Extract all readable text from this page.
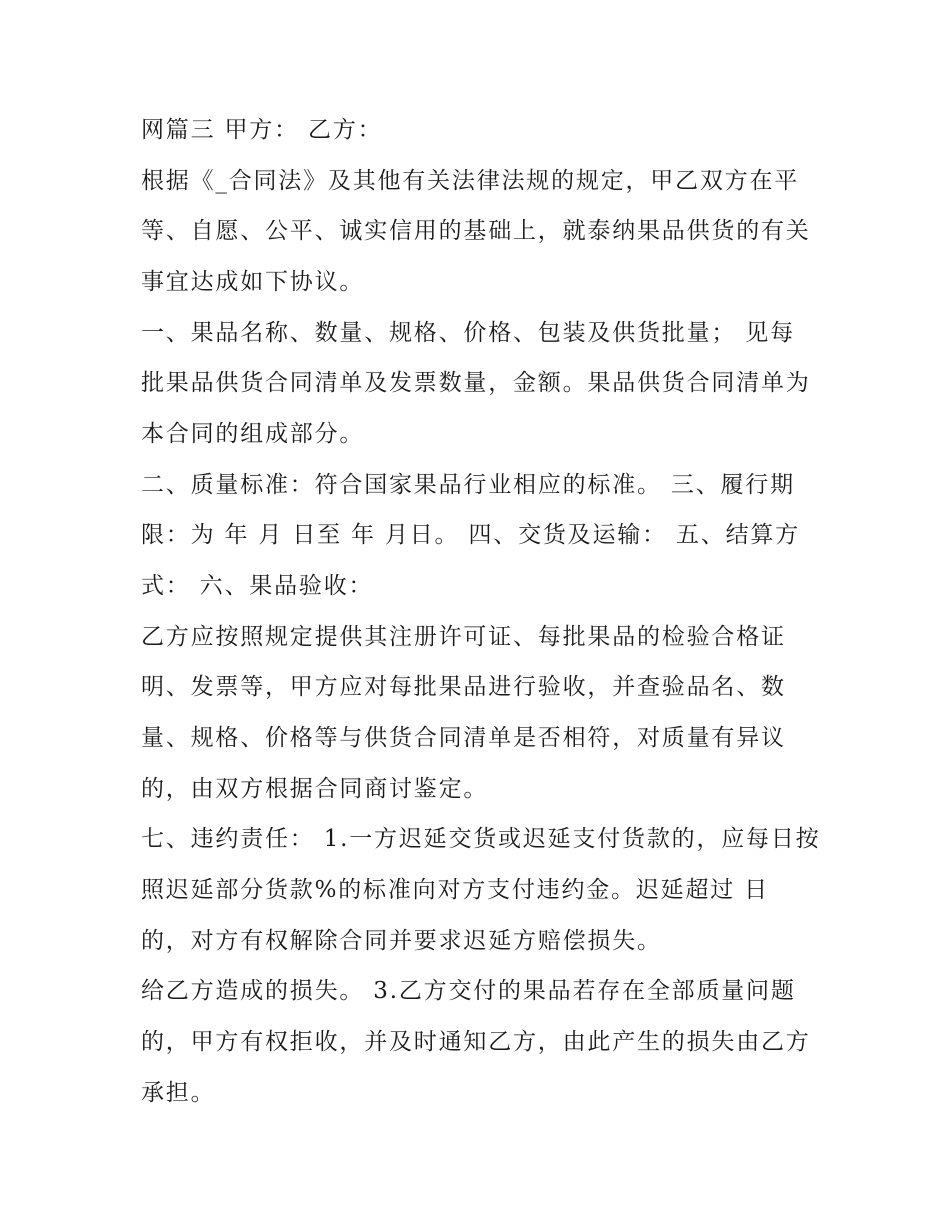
网篇三 甲方： 乙方：

根据《_合同法》及其他有关法律法规的规定，甲乙双方在平

等、自愿、公平、诚实信用的基础上，就泰纳果品供货的有关

事宜达成如下协议。

一、果品名称、数量、规格、价格、包装及供货批量； 见每

批果品供货合同清单及发票数量，金额。果品供货合同清单为

本合同的组成部分。

二、质量标准：符合国家果品行业相应的标准。 三、履行期

限：为 年 月 日至 年 月日。 四、交货及运输： 五、结算方

式： 六、果品验收：

乙方应按照规定提供其注册许可证、每批果品的检验合格证

明、发票等，甲方应对每批果品进行验收，并查验品名、数

量、规格、价格等与供货合同清单是否相符，对质量有异议

的，由双方根据合同商讨鉴定。

七、违约责任： 1.一方迟延交货或迟延支付货款的，应每日按

照迟延部分货款%的标准向对方支付违约金。迟延超过 日

的，对方有权解除合同并要求迟延方赔偿损失。

给乙方造成的损失。 3.乙方交付的果品若存在全部质量问题

的，甲方有权拒收，并及时通知乙方，由此产生的损失由乙方

承担。
